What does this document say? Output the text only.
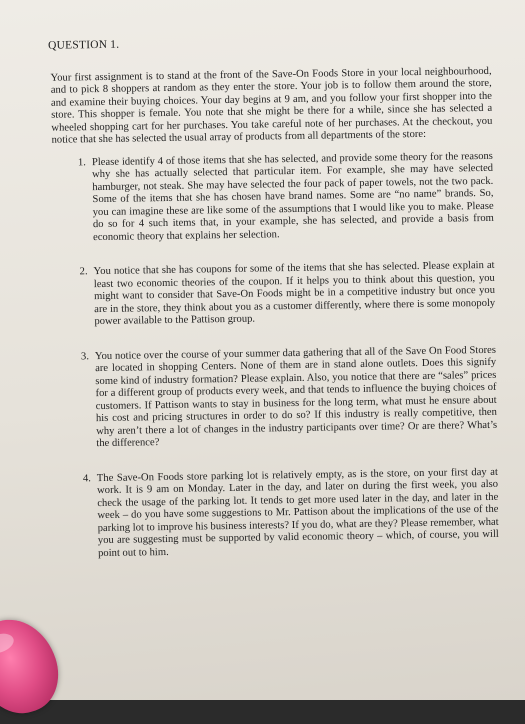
QUESTION 1.
Your first assignment is to stand at the front of the Save-On Foods Store in your local neighbourhood, and to pick 8 shoppers at random as they enter the store. Your job is to follow them around the store, and examine their buying choices. Your day begins at 9 am, and you follow your first shopper into the store. This shopper is female. You note that she might be there for a while, since she has selected a wheeled shopping cart for her purchases. You take careful note of her purchases. At the checkout, you notice that she has selected the usual array of products from all departments of the store:
1. Please identify 4 of those items that she has selected, and provide some theory for the reasons why she has actually selected that particular item. For example, she may have selected hamburger, not steak. She may have selected the four pack of paper towels, not the two pack. Some of the items that she has chosen have brand names. Some are “no name” brands. So, you can imagine these are like some of the assumptions that I would like you to make. Please do so for 4 such items that, in your example, she has selected, and provide a basis from economic theory that explains her selection.
2. You notice that she has coupons for some of the items that she has selected. Please explain at least two economic theories of the coupon. If it helps you to think about this question, you might want to consider that Save-On Foods might be in a competitive industry but once you are in the store, they think about you as a customer differently, where there is some monopoly power available to the Pattison group.
3. You notice over the course of your summer data gathering that all of the Save On Food Stores are located in shopping Centers. None of them are in stand alone outlets. Does this signify some kind of industry formation? Please explain. Also, you notice that there are “sales” prices for a different group of products every week, and that tends to influence the buying choices of customers. If Pattison wants to stay in business for the long term, what must he ensure about his cost and pricing structures in order to do so? If this industry is really competitive, then why aren’t there a lot of changes in the industry participants over time? Or are there? What’s the difference?
4. The Save-On Foods store parking lot is relatively empty, as is the store, on your first day at work. It is 9 am on Monday. Later in the day, and later on during the first week, you also check the usage of the parking lot. It tends to get more used later in the day, and later in the week – do you have some suggestions to Mr. Pattison about the implications of the use of the parking lot to improve his business interests? If you do, what are they? Please remember, what you are suggesting must be supported by valid economic theory – which, of course, you will point out to him.
